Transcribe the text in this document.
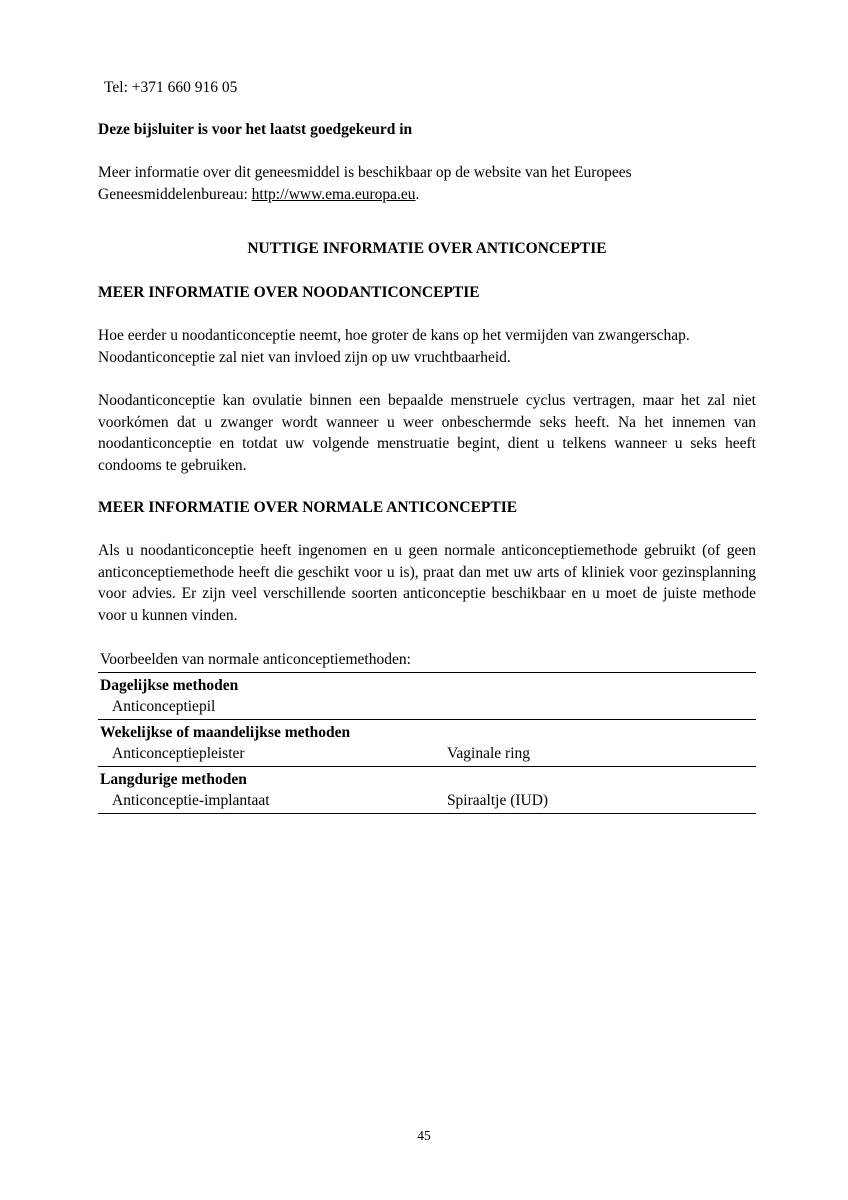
Tel: +371 660 916 05

Deze bijsluiter is voor het laatst goedgekeurd in

Meer informatie over dit geneesmiddel is beschikbaar op de website van het Europees Geneesmiddelenbureau: http://www.ema.europa.eu.

NUTTIGE INFORMATIE OVER ANTICONCEPTIE
MEER INFORMATIE OVER NOODANTICONCEPTIE

Hoe eerder u noodanticonceptie neemt, hoe groter de kans op het vermijden van zwangerschap. Noodanticonceptie zal niet van invloed zijn op uw vruchtbaarheid.

Noodanticonceptie kan ovulatie binnen een bepaalde menstruele cyclus vertragen, maar het zal niet voorkómen dat u zwanger wordt wanneer u weer onbeschermde seks heeft. Na het innemen van noodanticonceptie en totdat uw volgende menstruatie begint, dient u telkens wanneer u seks heeft condooms te gebruiken.

MEER INFORMATIE OVER NORMALE ANTICONCEPTIE

Als u noodanticonceptie heeft ingenomen en u geen normale anticonceptiemethode gebruikt (of geen anticonceptiemethode heeft die geschikt voor u is), praat dan met uw arts of kliniek voor gezinsplanning voor advies. Er zijn veel verschillende soorten anticonceptie beschikbaar en u moet de juiste methode voor u kunnen vinden.

Voorbeelden van normale anticonceptiemethoden:	
Dagelijkse methoden	
Anticonceptiepil	
Wekelijkse of maandelijkse methoden	
Anticonceptiepleister	Vaginale ring
Langdurige methoden	
Anticonceptie-implantaat	Spiraaltje (IUD)
45
